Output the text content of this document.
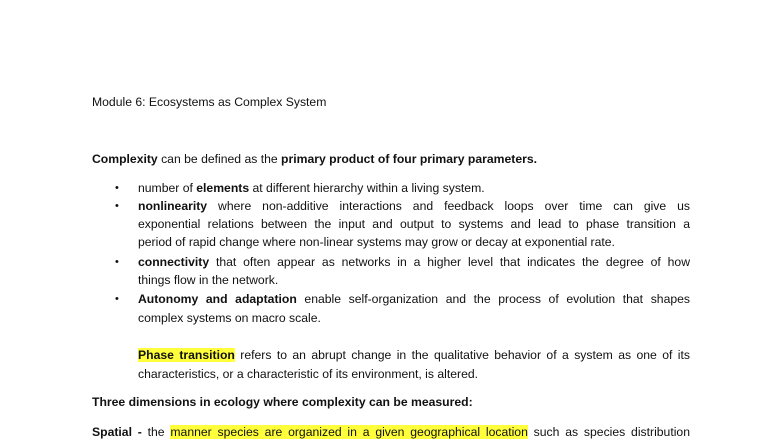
Module 6: Ecosystems as Complex System
Complexity can be defined as the primary product of four primary parameters.
• number of elements at different hierarchy within a living system.
• nonlinearity where non-additive interactions and feedback loops over time can give us
exponential relations between the input and output to systems and lead to phase transition a
period of rapid change where non-linear systems may grow or decay at exponential rate.
• connectivity that often appear as networks in a higher level that indicates the degree of how
things flow in the network.
• Autonomy and adaptation enable self-organization and the process of evolution that shapes
complex systems on macro scale.
Phase transition refers to an abrupt change in the qualitative behavior of a system as one of its
characteristics, or a characteristic of its environment, is altered.
Three dimensions in ecology where complexity can be measured:
Spatial - the manner species are organized in a given geographical location such as species distribution
